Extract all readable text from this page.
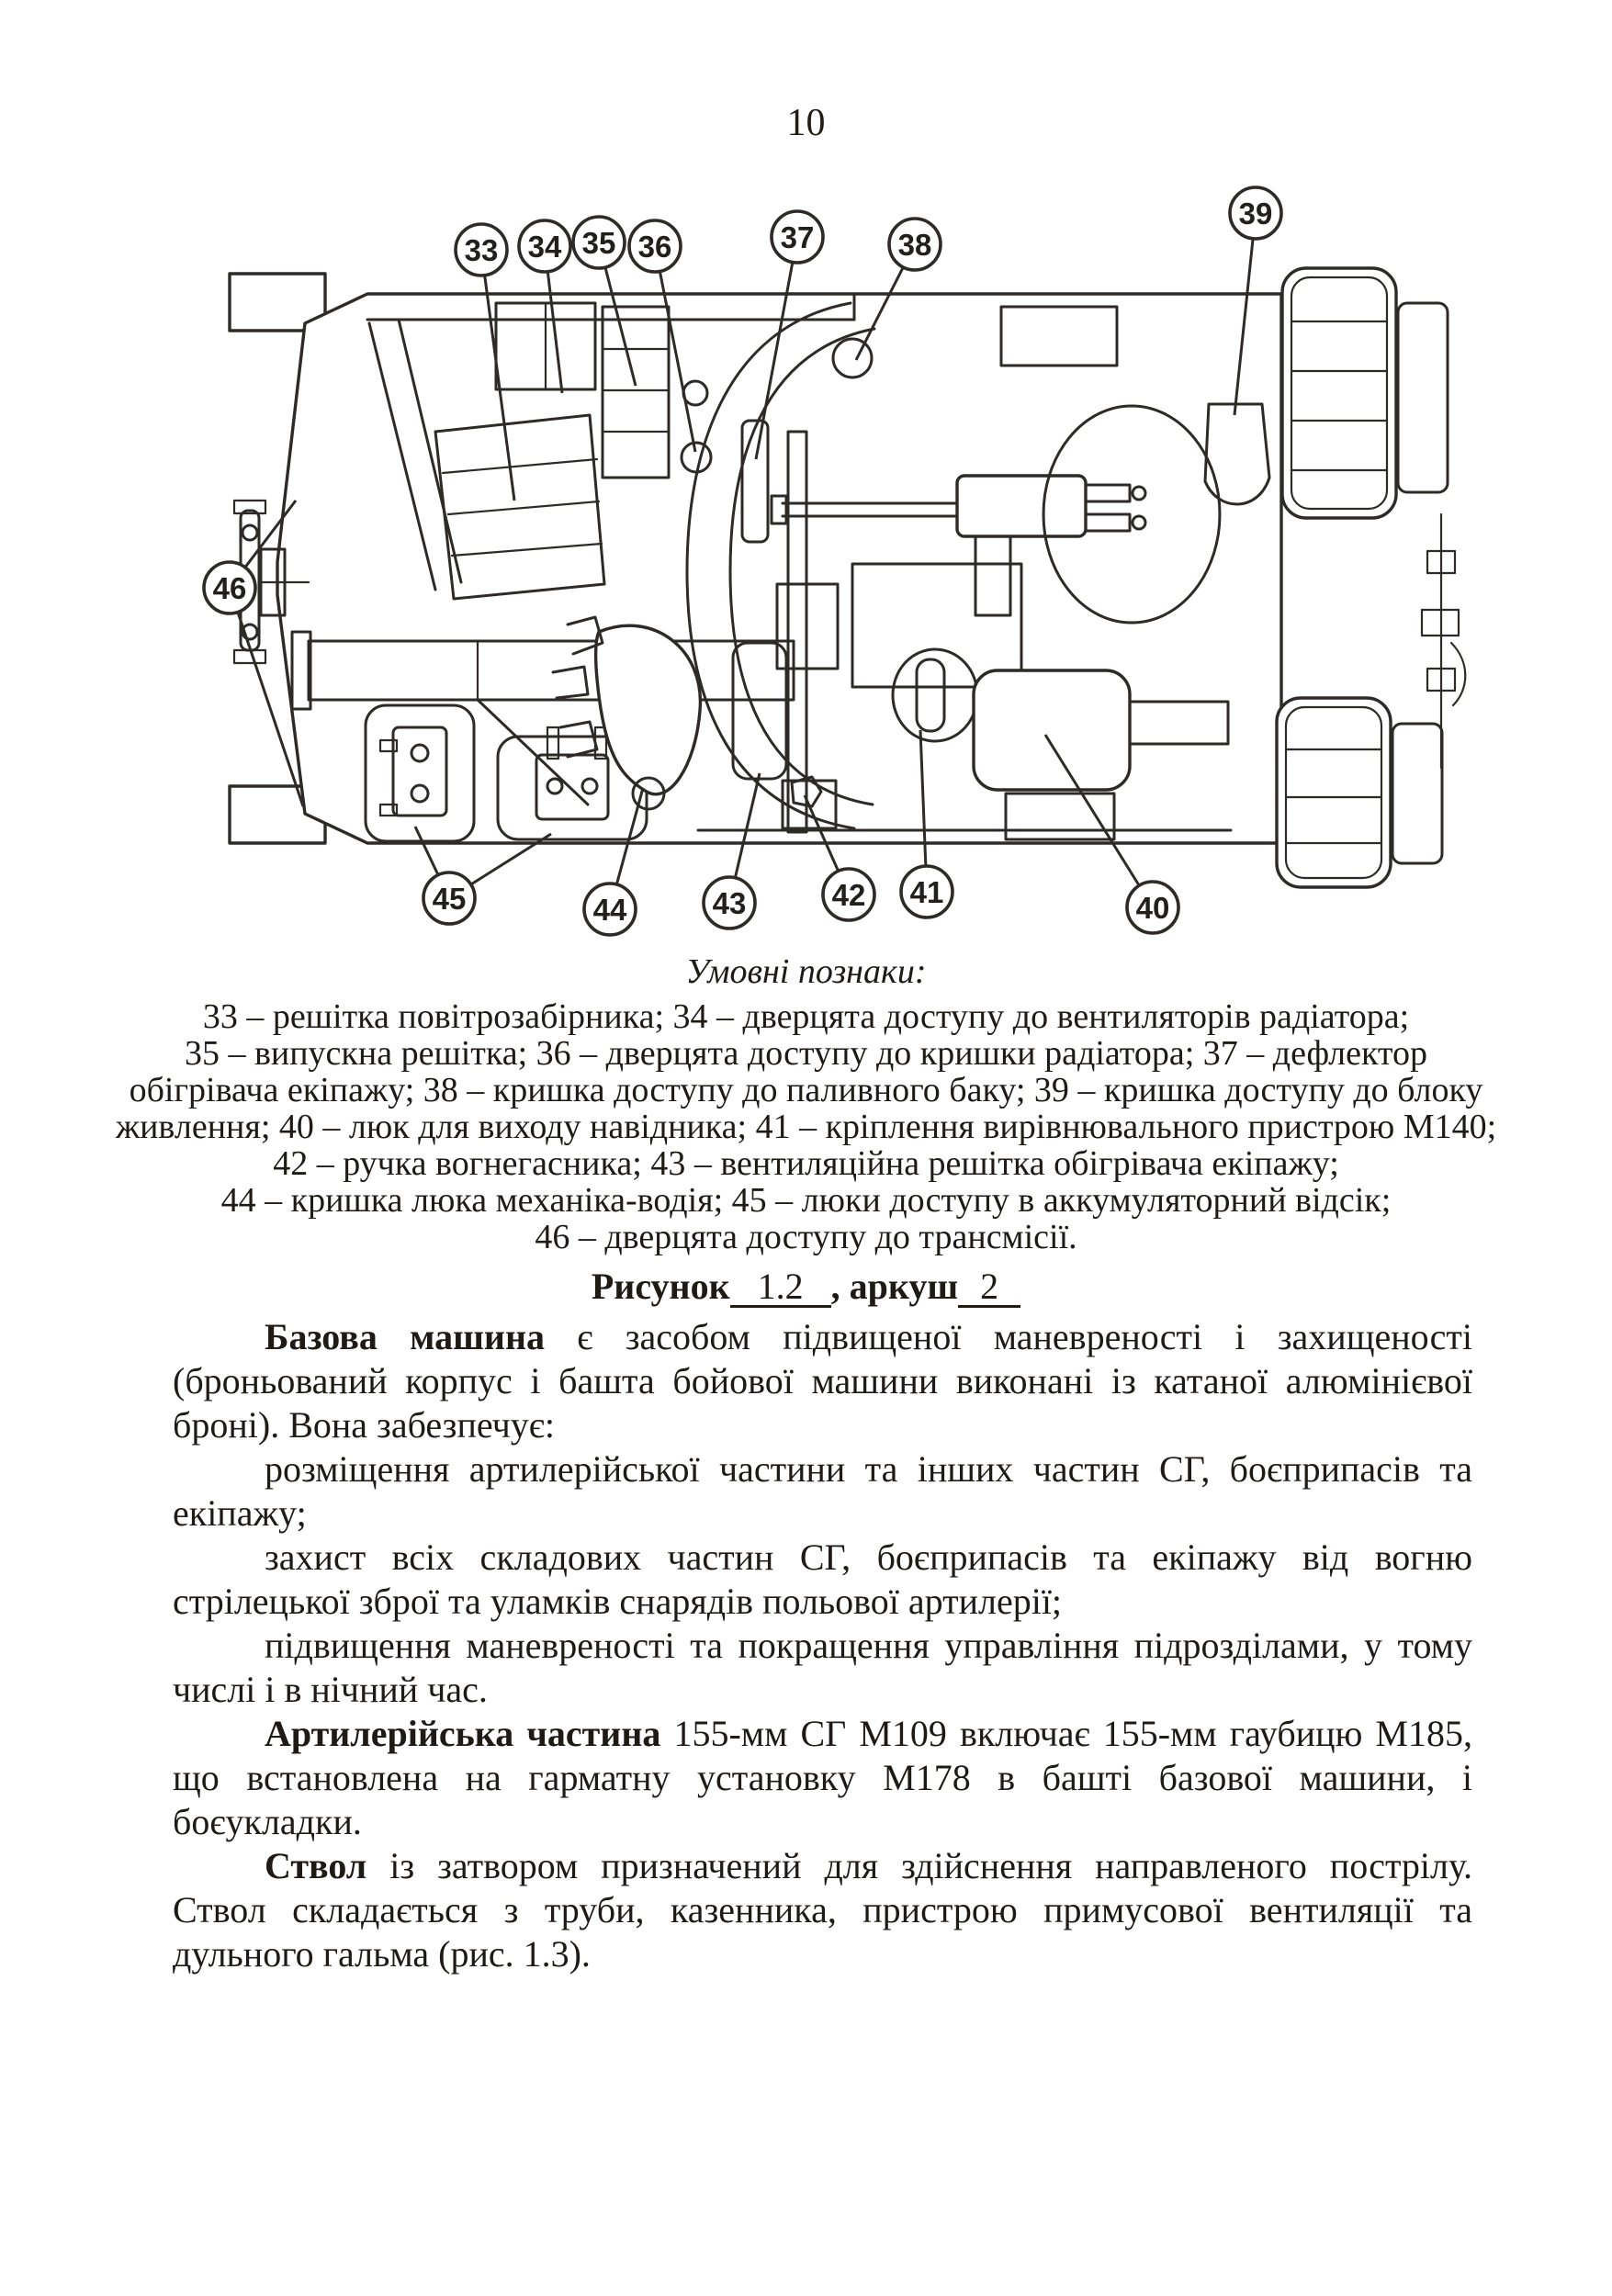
10
33 34 35 36	37	38
39
46
45	44	43	42 41	40
Умовні познаки:
33 – решітка повітрозабірника; 34 – дверцята доступу до вентиляторів радіатора;
35 – випускна решітка; 36 – дверцята доступу до кришки радіатора; 37 – дефлектор
обігрівача екіпажу; 38 – кришка доступу до паливного баку; 39 – кришка доступу до блоку
живлення; 40 – люк для виходу навідника; 41 – кріплення вирівнювального пристрою М140;
42 – ручка вогнегасника; 43 – вентиляційна решітка обігрівача екіпажу;
44 – кришка люка механіка-водія; 45 – люки доступу в аккумуляторний відсік;
46 – дверцята доступу до трансмісії.
Рисунок 1.2 , аркуш 2

Базова машина є засобом підвищеної маневреності і захищеності (броньований корпус і башта бойової машини виконані із катаної алюмінієвої броні). Вона забезпечує:

розміщення артилерійської частини та інших частин СГ, боєприпасів та екіпажу;

захист всіх складових частин СГ, боєприпасів та екіпажу від вогню стрілецької зброї та уламків снарядів польової артилерії;

підвищення маневреності та покращення управління підрозділами, у тому числі і в нічний час.

Артилерійська частина 155-мм СГ М109 включає 155-мм гаубицю М185, що встановлена на гарматну установку М178 в башті базової машини, і боєукладки.

Ствол із затвором призначений для здійснення направленого пострілу. Ствол складається з труби, казенника, пристрою примусової вентиляції та дульного гальма (рис. 1.3).
